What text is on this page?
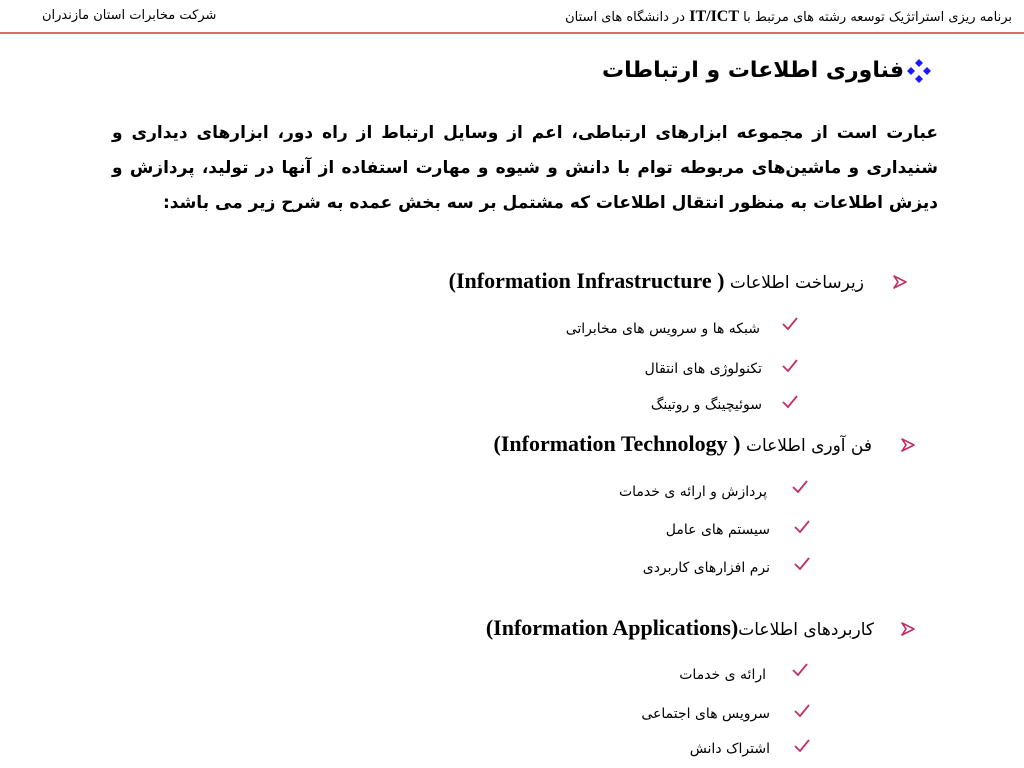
برنامه ریزی استراتژیک توسعه رشته های مرتبط با IT/ICT در دانشگاه های استان
شرکت مخابرات استان مازندران
فناوری اطلاعات و ارتباطات
عبارت است از مجموعه ابزارهای ارتباطی، اعم از وسایل ارتباط از راه دور، ابزارهای دیداری و شنیداری و ماشین‌های مربوطه توام با دانش و شیوه و مهارت استفاده از آنها در تولید، پردازش و دیزش اطلاعات به منظور انتقال اطلاعات که مشتمل بر سه بخش عمده به شرح زیر می باشد:
زیرساخت اطلاعات ( Information Infrastructure)
شبکه ها و سرویس های مخابراتی
تکنولوژی های انتقال
سوئیچینگ و روتینگ
فن آوری اطلاعات ( Information Technology)
پردازش و ارائه ی خدمات
سیستم های عامل
نرم افزارهای کاربردی
کاربردهای اطلاعات(Information Applications)
ارائه ی خدمات
سرویس های اجتماعی
اشتراک دانش
